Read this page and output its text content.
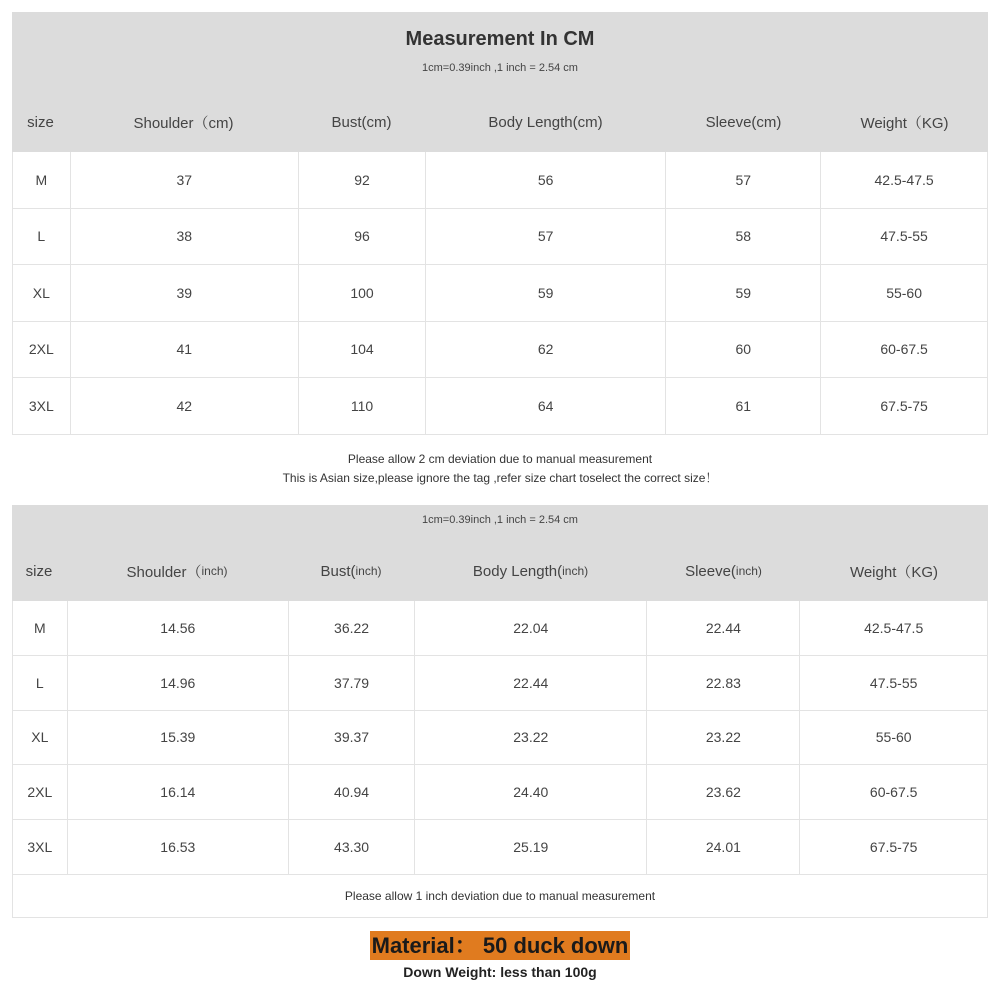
Measurement In CM
1cm=0.39inch ,1 inch = 2.54 cm
size	Shoulder（cm)	Bust(cm)	Body Length(cm)	Sleeve(cm)	Weight（KG)
M	37	92	56	57	42.5-47.5
L	38	96	57	58	47.5-55
XL	39	100	59	59	55-60
2XL	41	104	62	60	60-67.5
3XL	42	110	64	61	67.5-75
Please allow 2 cm deviation due to manual measurement
This is Asian size,please ignore the tag ,refer size chart toselect the correct size！
1cm=0.39inch ,1 inch = 2.54 cm
size	Shoulder（ inch)	Bust( inch)	Body Length( inch)	Sleeve( inch)	Weight（KG)
M	14.56	36.22	22.04	22.44	42.5-47.5
L	14.96	37.79	22.44	22.83	47.5-55
XL	15.39	39.37	23.22	23.22	55-60
2XL	16.14	40.94	24.40	23.62	60-67.5
3XL	16.53	43.30	25.19	24.01	67.5-75
Please allow 1 inch deviation due to manual measurement
Material： 50 duck down
Down Weight: less than 100g
